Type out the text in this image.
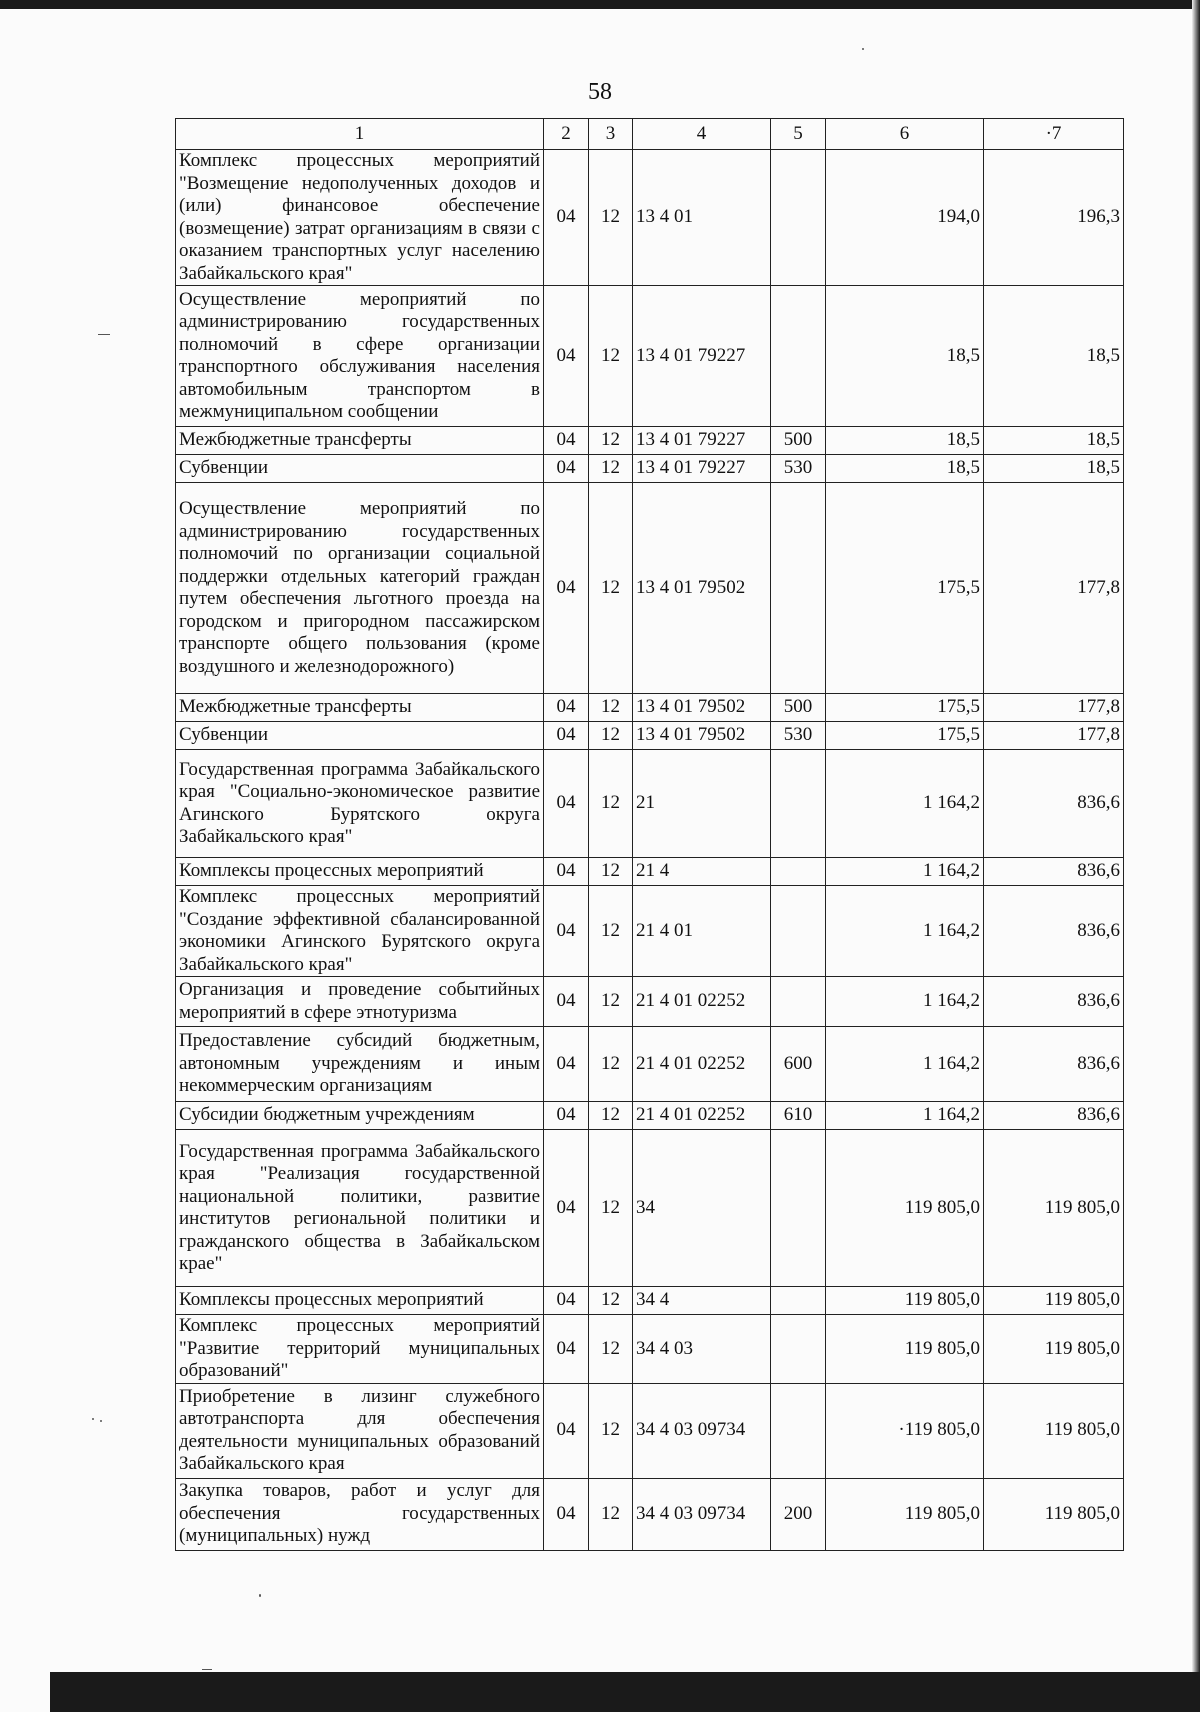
58
1	2	3	4	5	6	·7
Комплекс процессных мероприятий "Возмещение недополученных доходов и (или) финансовое обеспечение (возмещение) затрат организациям в связи с оказанием транспортных услуг населению Забайкальского края"	04	12	13 4 01		194,0	196,3
Осуществление мероприятий по администрированию государственных полномочий в сфере организации транспортного обслуживания населения автомобильным транспортом в межмуниципальном сообщении	04	12	13 4 01 79227		18,5	18,5
Межбюджетные трансферты	04	12	13 4 01 79227	500	18,5	18,5
Субвенции	04	12	13 4 01 79227	530	18,5	18,5
Осуществление мероприятий по администрированию государственных полномочий по организации социальной поддержки отдельных категорий граждан путем обеспечения льготного проезда на городском и пригородном пассажирском транспорте общего пользования (кроме воздушного и железнодорожного)	04	12	13 4 01 79502		175,5	177,8
Межбюджетные трансферты	04	12	13 4 01 79502	500	175,5	177,8
Субвенции	04	12	13 4 01 79502	530	175,5	177,8
Государственная программа Забайкальского края "Социально-экономическое развитие Агинского Бурятского округа Забайкальского края"	04	12	21		1 164,2	836,6
Комплексы процессных мероприятий	04	12	21 4		1 164,2	836,6
Комплекс процессных мероприятий "Создание эффективной сбалансированной экономики Агинского Бурятского округа Забайкальского края"	04	12	21 4 01		1 164,2	836,6
Организация и проведение событийных мероприятий в сфере этнотуризма	04	12	21 4 01 02252		1 164,2	836,6
Предоставление субсидий бюджетным, автономным учреждениям и иным некоммерческим организациям	04	12	21 4 01 02252	600	1 164,2	836,6
Субсидии бюджетным учреждениям	04	12	21 4 01 02252	610	1 164,2	836,6
Государственная программа Забайкальского края "Реализация государственной национальной политики, развитие институтов региональной политики и гражданского общества в Забайкальском крае"	04	12	34		119 805,0	119 805,0
Комплексы процессных мероприятий	04	12	34 4		119 805,0	119 805,0
Комплекс процессных мероприятий "Развитие территорий муниципальных образований"	04	12	34 4 03		119 805,0	119 805,0
Приобретение в лизинг служебного автотранспорта для обеспечения деятельности муниципальных образований Забайкальского края	04	12	34 4 03 09734		·119 805,0	119 805,0
Закупка товаров, работ и услуг для обеспечения государственных (муниципальных) нужд	04	12	34 4 03 09734	200	119 805,0	119 805,0
